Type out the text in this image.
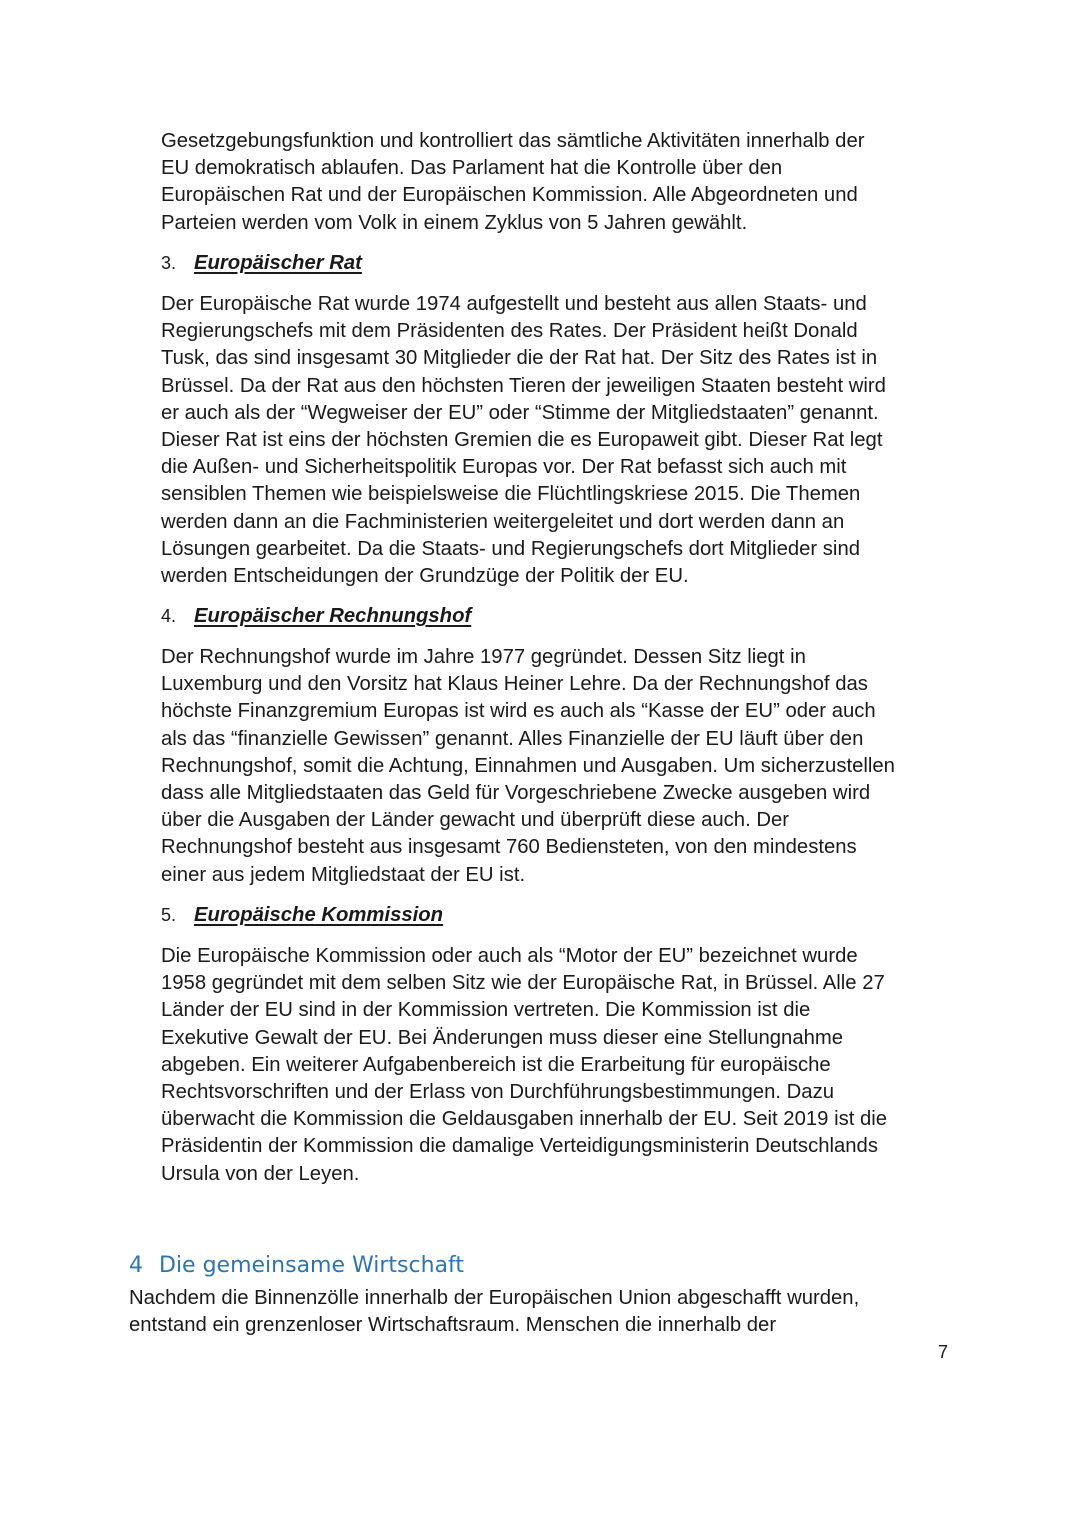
Gesetzgebungsfunktion und kontrolliert das sämtliche Aktivitäten innerhalb der
EU demokratisch ablaufen. Das Parlament hat die Kontrolle über den
Europäischen Rat und der Europäischen Kommission. Alle Abgeordneten und
Parteien werden vom Volk in einem Zyklus von 5 Jahren gewählt.

3. Europäischer Rat

Der Europäische Rat wurde 1974 aufgestellt und besteht aus allen Staats- und
Regierungschefs mit dem Präsidenten des Rates. Der Präsident heißt Donald
Tusk, das sind insgesamt 30 Mitglieder die der Rat hat. Der Sitz des Rates ist in
Brüssel. Da der Rat aus den höchsten Tieren der jeweiligen Staaten besteht wird
er auch als der “Wegweiser der EU” oder “Stimme der Mitgliedstaaten” genannt.
Dieser Rat ist eins der höchsten Gremien die es Europaweit gibt. Dieser Rat legt
die Außen- und Sicherheitspolitik Europas vor. Der Rat befasst sich auch mit
sensiblen Themen wie beispielsweise die Flüchtlingskriese 2015. Die Themen
werden dann an die Fachministerien weitergeleitet und dort werden dann an
Lösungen gearbeitet. Da die Staats- und Regierungschefs dort Mitglieder sind
werden Entscheidungen der Grundzüge der Politik der EU.

4. Europäischer Rechnungshof

Der Rechnungshof wurde im Jahre 1977 gegründet. Dessen Sitz liegt in
Luxemburg und den Vorsitz hat Klaus Heiner Lehre. Da der Rechnungshof das
höchste Finanzgremium Europas ist wird es auch als “Kasse der EU” oder auch
als das “finanzielle Gewissen” genannt. Alles Finanzielle der EU läuft über den
Rechnungshof, somit die Achtung, Einnahmen und Ausgaben. Um sicherzustellen
dass alle Mitgliedstaaten das Geld für Vorgeschriebene Zwecke ausgeben wird
über die Ausgaben der Länder gewacht und überprüft diese auch. Der
Rechnungshof besteht aus insgesamt 760 Bediensteten, von den mindestens
einer aus jedem Mitgliedstaat der EU ist.

5. Europäische Kommission

Die Europäische Kommission oder auch als “Motor der EU” bezeichnet wurde
1958 gegründet mit dem selben Sitz wie der Europäische Rat, in Brüssel. Alle 27
Länder der EU sind in der Kommission vertreten. Die Kommission ist die
Exekutive Gewalt der EU. Bei Änderungen muss dieser eine Stellungnahme
abgeben. Ein weiterer Aufgabenbereich ist die Erarbeitung für europäische
Rechtsvorschriften und der Erlass von Durchführungsbestimmungen. Dazu
überwacht die Kommission die Geldausgaben innerhalb der EU. Seit 2019 ist die
Präsidentin der Kommission die damalige Verteidigungsministerin Deutschlands
Ursula von der Leyen.

4 Die gemeinsame Wirtschaft

Nachdem die Binnenzölle innerhalb der Europäischen Union abgeschafft wurden,
entstand ein grenzenloser Wirtschaftsraum. Menschen die innerhalb der

7
